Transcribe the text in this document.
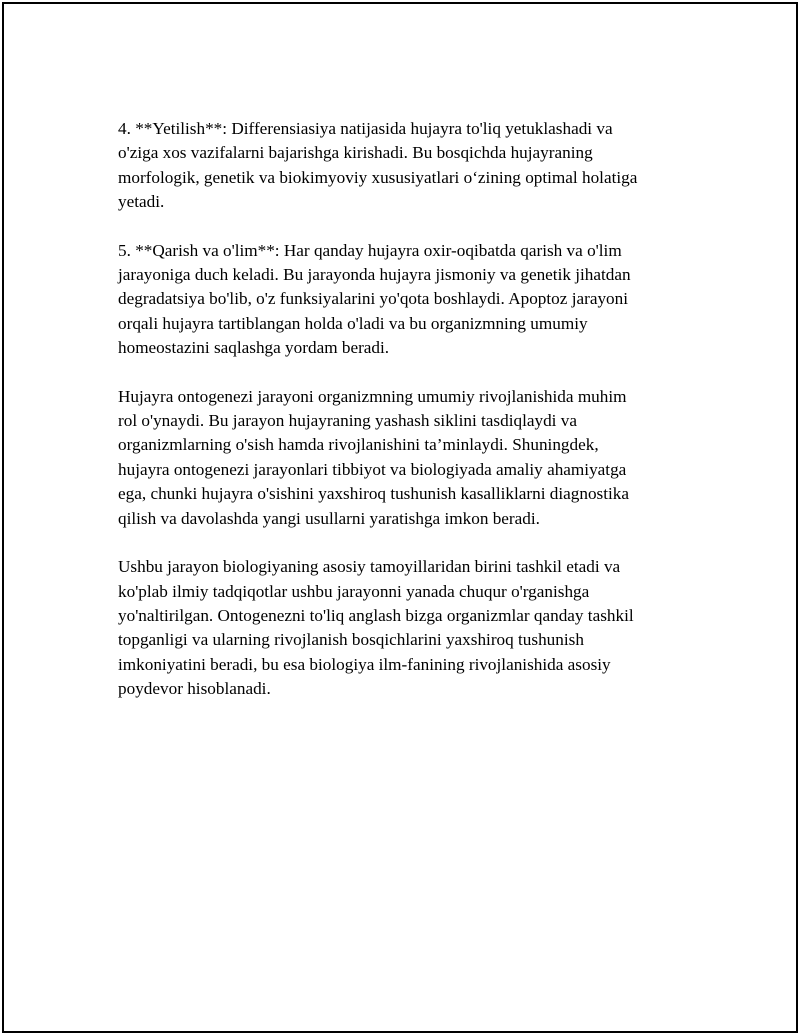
4. **Yetilish**: Differensiasiya natijasida hujayra to'liq yetuklashadi va
o'ziga xos vazifalarni bajarishga kirishadi. Bu bosqichda hujayraning
morfologik, genetik va biokimyoviy xususiyatlari o‘zining optimal holatiga
yetadi.

5. **Qarish va o'lim**: Har qanday hujayra oxir-oqibatda qarish va o'lim
jarayoniga duch keladi. Bu jarayonda hujayra jismoniy va genetik jihatdan
degradatsiya bo'lib, o'z funksiyalarini yo'qota boshlaydi. Apoptoz jarayoni
orqali hujayra tartiblangan holda o'ladi va bu organizmning umumiy
homeostazini saqlashga yordam beradi.

Hujayra ontogenezi jarayoni organizmning umumiy rivojlanishida muhim
rol o'ynaydi. Bu jarayon hujayraning yashash siklini tasdiqlaydi va
organizmlarning o'sish hamda rivojlanishini ta’minlaydi. Shuningdek,
hujayra ontogenezi jarayonlari tibbiyot va biologiyada amaliy ahamiyatga
ega, chunki hujayra o'sishini yaxshiroq tushunish kasalliklarni diagnostika
qilish va davolashda yangi usullarni yaratishga imkon beradi.

Ushbu jarayon biologiyaning asosiy tamoyillaridan birini tashkil etadi va
ko'plab ilmiy tadqiqotlar ushbu jarayonni yanada chuqur o'rganishga
yo'naltirilgan. Ontogenezni to'liq anglash bizga organizmlar qanday tashkil
topganligi va ularning rivojlanish bosqichlarini yaxshiroq tushunish
imkoniyatini beradi, bu esa biologiya ilm-fanining rivojlanishida asosiy
poydevor hisoblanadi.
